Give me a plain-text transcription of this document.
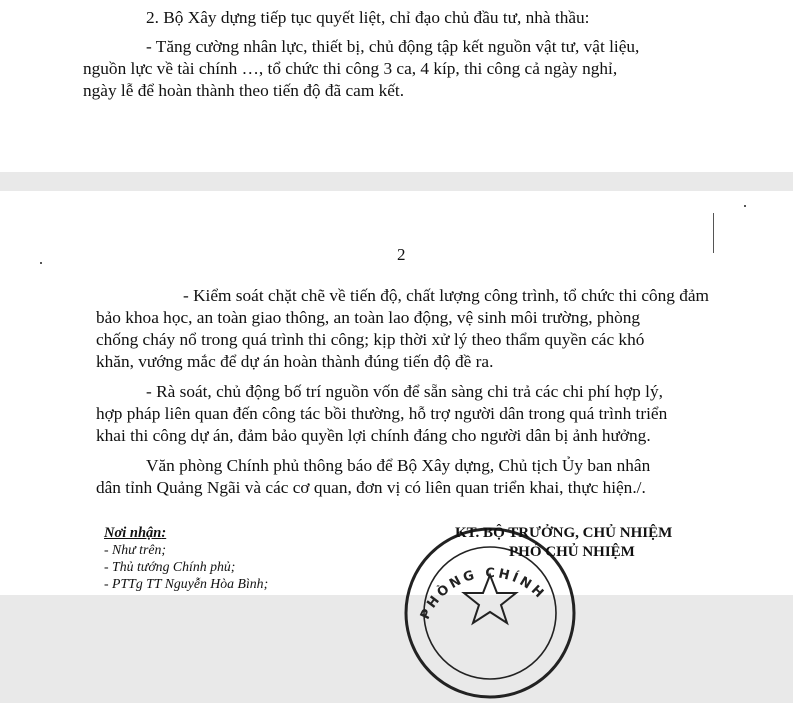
2. Bộ Xây dựng tiếp tục quyết liệt, chỉ đạo chủ đầu tư, nhà thầu:
- Tăng cường nhân lực, thiết bị, chủ động tập kết nguồn vật tư, vật liệu,
nguồn lực về tài chính …, tổ chức thi công 3 ca, 4 kíp, thi công cả ngày nghỉ,
ngày lễ để hoàn thành theo tiến độ đã cam kết.
2
- Kiểm soát chặt chẽ về tiến độ, chất lượng công trình, tổ chức thi công đảm
bảo khoa học, an toàn giao thông, an toàn lao động, vệ sinh môi trường, phòng
chống cháy nổ trong quá trình thi công; kịp thời xử lý theo thẩm quyền các khó
khăn, vướng mắc để dự án hoàn thành đúng tiến độ đề ra.
- Rà soát, chủ động bố trí nguồn vốn để sẵn sàng chi trả các chi phí hợp lý,
hợp pháp liên quan đến công tác bồi thường, hỗ trợ người dân trong quá trình triển
khai thi công dự án, đảm bảo quyền lợi chính đáng cho người dân bị ảnh hưởng.
Văn phòng Chính phủ thông báo để Bộ Xây dựng, Chủ tịch Ủy ban nhân
dân tỉnh Quảng Ngãi và các cơ quan, đơn vị có liên quan triển khai, thực hiện./.
Nơi nhận:
- Như trên;
- Thủ tướng Chính phủ;
- PTTg TT Nguyễn Hòa Bình;
PHÒNG CHÍNH
KT. BỘ TRƯỞNG, CHỦ NHIỆM
PHÓ CHỦ NHIỆM
